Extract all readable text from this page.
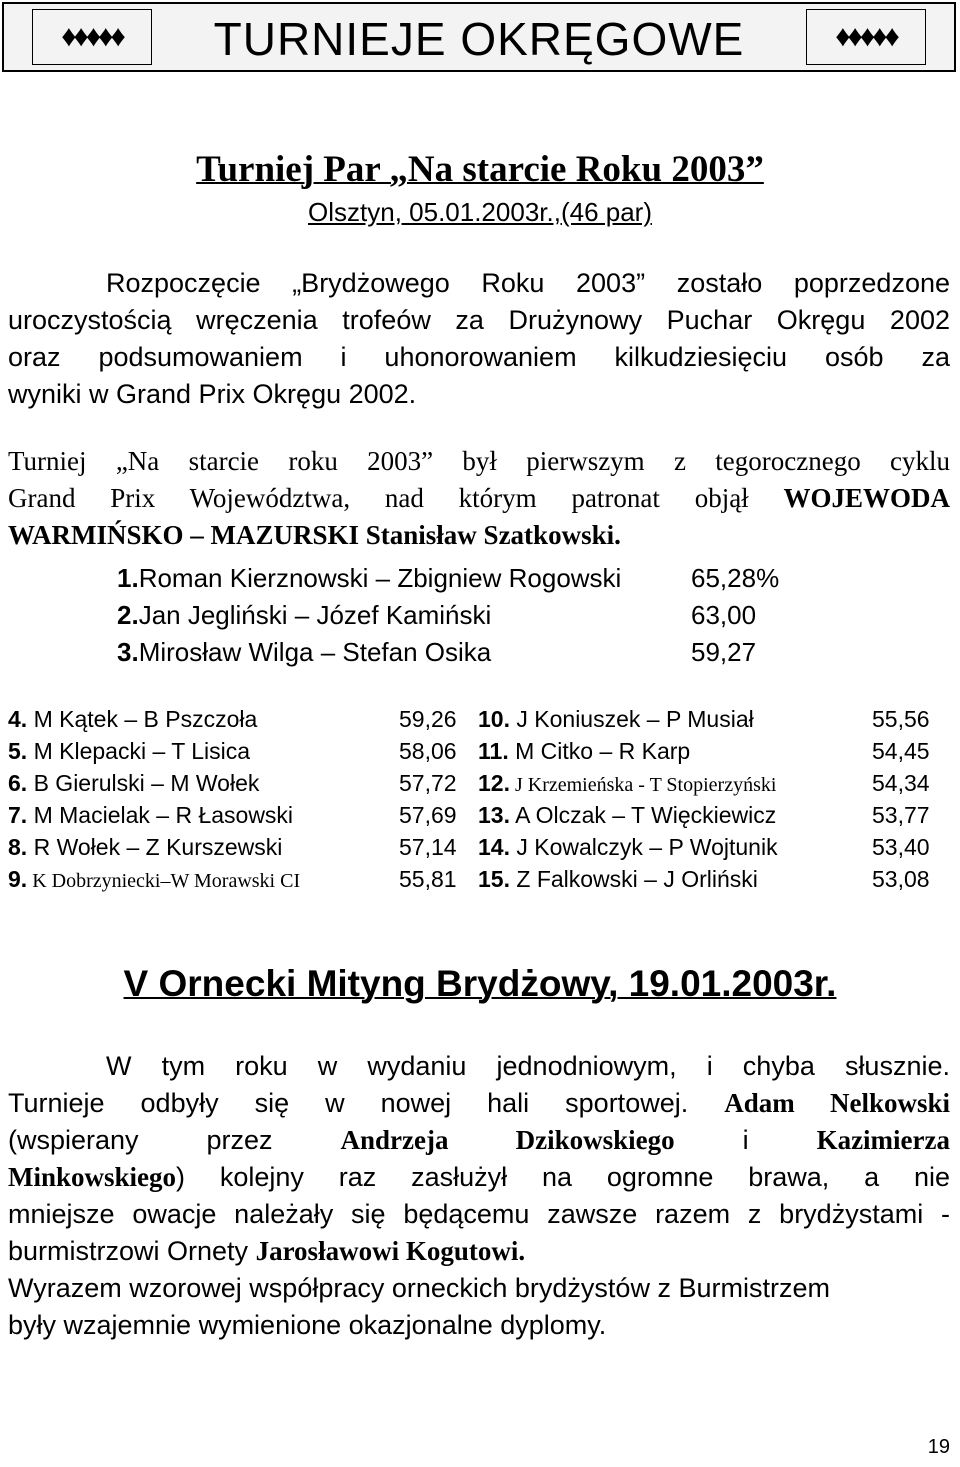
♦♦♦♦♦	TURNIEJE OKRĘGOWE	♦♦♦♦♦
Turniej Par „Na starcie Roku 2003”
Olsztyn, 05.01.2003r.,(46 par)
Rozpoczęcie „Brydżowego Roku 2003” zostało poprzedzone
uroczystością wręczenia trofeów za Drużynowy Puchar Okręgu 2002
oraz podsumowaniem i uhonorowaniem kilkudziesięciu osób za
wyniki w Grand Prix Okręgu 2002.
Turniej „Na starcie roku 2003” był pierwszym z tegorocznego cyklu
Grand Prix Województwa, nad którym patronat objął WOJEWODA
WARMIŃSKO – MAZURSKI Stanisław Szatkowski.
1.Roman Kierznowski – Zbigniew Rogowski	65,28%
2.Jan Jegliński – Józef Kamiński	63,00
3.Mirosław Wilga – Stefan Osika	59,27
4. M Kątek – B Pszczoła	59,26
5. M Klepacki – T Lisica	58,06
6. B Gierulski – M Wołek	57,72
7. M Macielak – R Łasowski	57,69
8. R Wołek – Z Kurszewski	57,14
9. K Dobrzyniecki–W Morawski CI	55,81
10. J Koniuszek – P Musiał	55,56
11. M Citko – R Karp	54,45
12. J Krzemieńska - T Stopierzyński	54,34
13. A Olczak – T Więckiewicz	53,77
14. J Kowalczyk – P Wojtunik	53,40
15. Z Falkowski – J Orliński	53,08
V Ornecki Mityng Brydżowy, 19.01.2003r.
W tym roku w wydaniu jednodniowym, i chyba słusznie.
Turnieje odbyły się w nowej hali sportowej. Adam Nelkowski
(wspierany przez Andrzeja Dzikowskiego i Kazimierza
Minkowskiego) kolejny raz zasłużył na ogromne brawa, a nie
mniejsze owacje należały się będącemu zawsze razem z brydżystami -
burmistrzowi Ornety Jarosławowi Kogutowi.
Wyrazem wzorowej współpracy orneckich brydżystów z Burmistrzem
były wzajemnie wymienione okazjonalne dyplomy.
19
